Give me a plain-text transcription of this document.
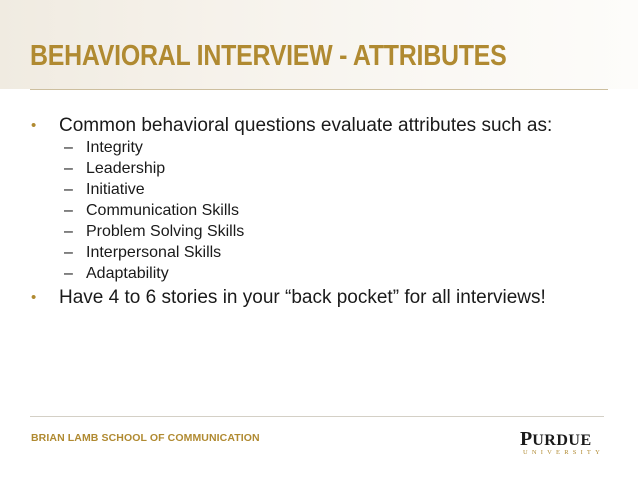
BEHAVIORAL INTERVIEW - ATTRIBUTES
• Common behavioral questions evaluate attributes such as:
– Integrity
– Leadership
– Initiative
– Communication Skills
– Problem Solving Skills
– Interpersonal Skills
– Adaptability
• Have 4 to 6 stories in your “back pocket” for all interviews!
BRIAN LAMB SCHOOL OF COMMUNICATION	PURDUE
UNIVERSITY
